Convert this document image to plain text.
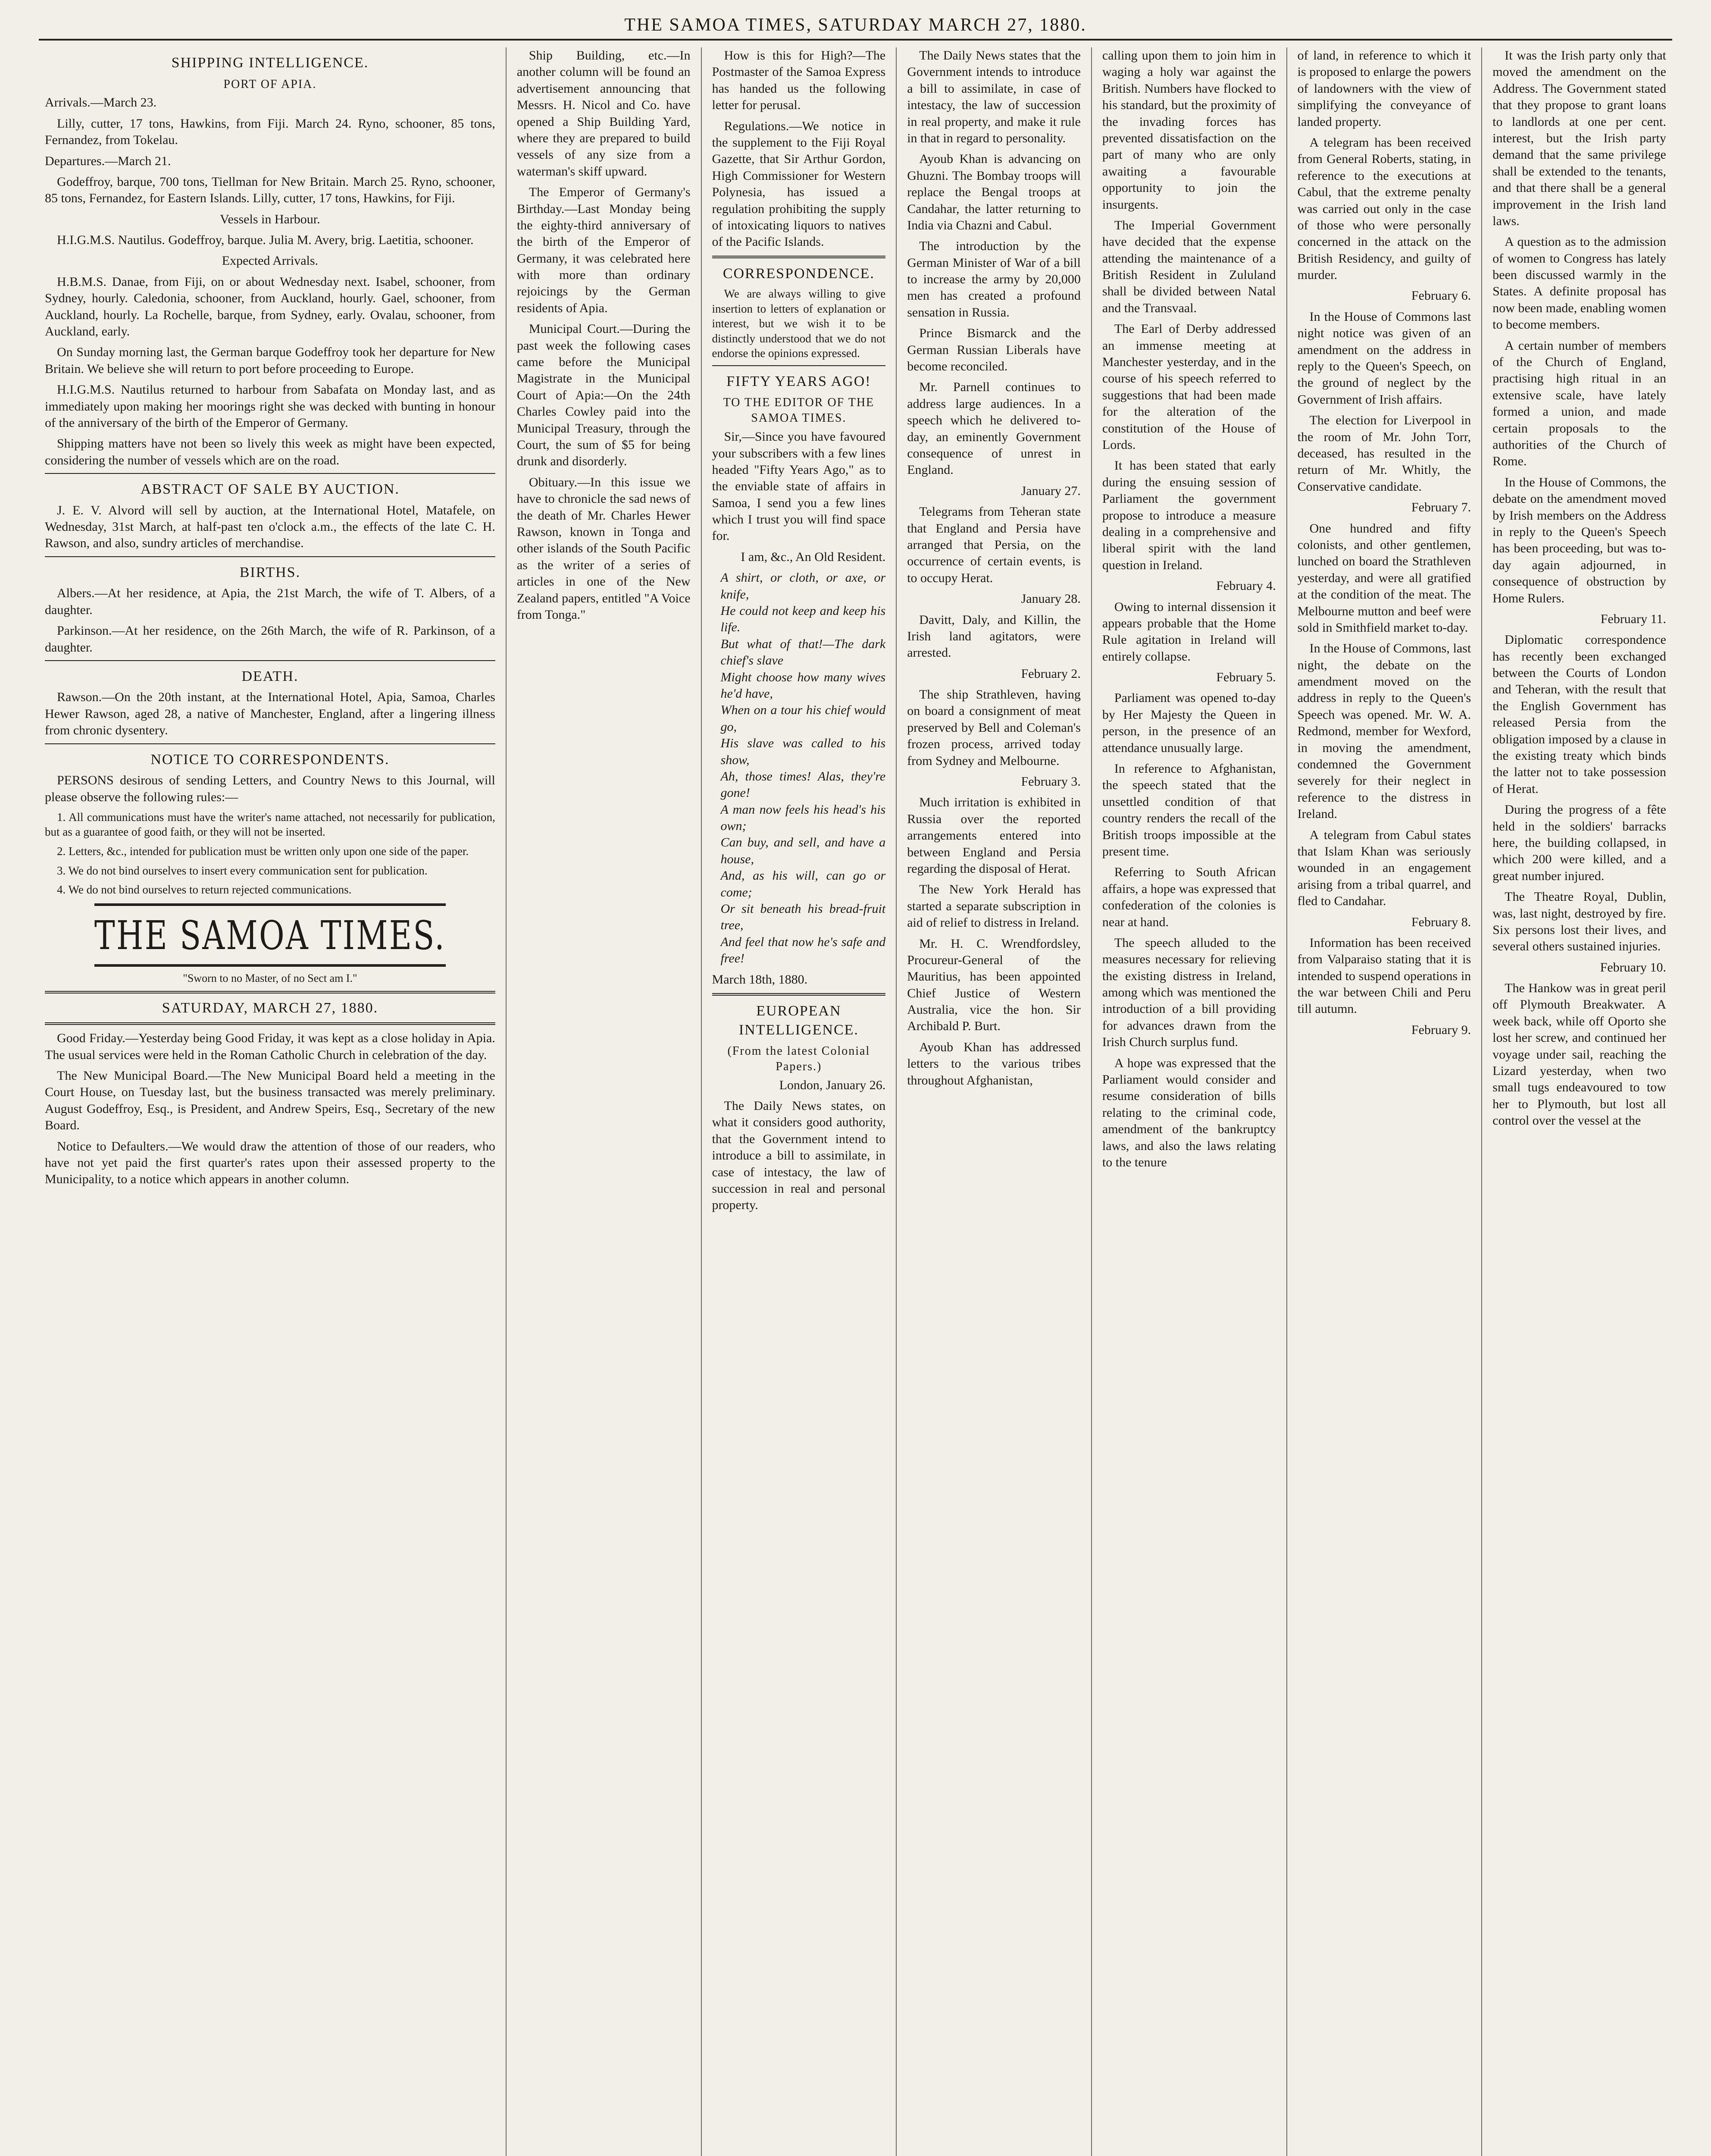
THE SAMOA TIMES, SATURDAY MARCH 27, 1880.
SHIPPING INTELLIGENCE.
PORT OF APIA.

Arrivals.—March 23.

Lilly, cutter, 17 tons, Hawkins, from Fiji. March 24. Ryno, schooner, 85 tons, Fernandez, from Tokelau.

Departures.—March 21.

Godeffroy, barque, 700 tons, Tiellman for New Britain. March 25. Ryno, schooner, 85 tons, Fernandez, for Eastern Islands. Lilly, cutter, 17 tons, Hawkins, for Fiji.

Vessels in Harbour.

H.I.G.M.S. Nautilus. Godeffroy, barque. Julia M. Avery, brig. Laetitia, schooner.

Expected Arrivals.

H.B.M.S. Danae, from Fiji, on or about Wednesday next. Isabel, schooner, from Sydney, hourly. Caledonia, schooner, from Auckland, hourly. Gael, schooner, from Auckland, hourly. La Rochelle, barque, from Sydney, early. Ovalau, schooner, from Auckland, early.

On Sunday morning last, the German barque Godeffroy took her departure for New Britain. We believe she will return to port before proceeding to Europe.

H.I.G.M.S. Nautilus returned to harbour from Sabafata on Monday last, and as immediately upon making her moorings right she was decked with bunting in honour of the anniversary of the birth of the Emperor of Germany.

Shipping matters have not been so lively this week as might have been expected, considering the number of vessels which are on the road.

ABSTRACT OF SALE BY AUCTION.

J. E. V. Alvord will sell by auction, at the International Hotel, Matafele, on Wednesday, 31st March, at half-past ten o'clock a.m., the effects of the late C. H. Rawson, and also, sundry articles of merchandise.

BIRTHS.

Albers.—At her residence, at Apia, the 21st March, the wife of T. Albers, of a daughter.

Parkinson.—At her residence, on the 26th March, the wife of R. Parkinson, of a daughter.

DEATH.

Rawson.—On the 20th instant, at the International Hotel, Apia, Samoa, Charles Hewer Rawson, aged 28, a native of Manchester, England, after a lingering illness from chronic dysentery.

NOTICE TO CORRESPONDENTS.

PERSONS desirous of sending Letters, and Country News to this Journal, will please observe the following rules:—

1. All communications must have the writer's name attached, not necessarily for publication, but as a guarantee of good faith, or they will not be inserted.

2. Letters, &c., intended for publication must be written only upon one side of the paper.

3. We do not bind ourselves to insert every communication sent for publication.

4. We do not bind ourselves to return rejected communications.

THE SAMOA TIMES.
"Sworn to no Master, of no Sect am I."
SATURDAY, MARCH 27, 1880.

Good Friday.—Yesterday being Good Friday, it was kept as a close holiday in Apia. The usual services were held in the Roman Catholic Church in celebration of the day.

The New Municipal Board.—The New Municipal Board held a meeting in the Court House, on Tuesday last, but the business transacted was merely preliminary. August Godeffroy, Esq., is President, and Andrew Speirs, Esq., Secretary of the new Board.

Notice to Defaulters.—We would draw the attention of those of our readers, who have not yet paid the first quarter's rates upon their assessed property to the Municipality, to a notice which appears in another column.

Ship Building, etc.—In another column will be found an advertisement announcing that Messrs. H. Nicol and Co. have opened a Ship Building Yard, where they are prepared to build vessels of any size from a waterman's skiff upward.

The Emperor of Germany's Birthday.—Last Monday being the eighty-third anniversary of the birth of the Emperor of Germany, it was celebrated here with more than ordinary rejoicings by the German residents of Apia.

Municipal Court.—During the past week the following cases came before the Municipal Magistrate in the Municipal Court of Apia:—On the 24th Charles Cowley paid into the Municipal Treasury, through the Court, the sum of $5 for being drunk and disorderly.

Obituary.—In this issue we have to chronicle the sad news of the death of Mr. Charles Hewer Rawson, known in Tonga and other islands of the South Pacific as the writer of a series of articles in one of the New Zealand papers, entitled "A Voice from Tonga."

How is this for High?—The Postmaster of the Samoa Express has handed us the following letter for perusal.

Regulations.—We notice in the supplement to the Fiji Royal Gazette, that Sir Arthur Gordon, High Commissioner for Western Polynesia, has issued a regulation prohibiting the supply of intoxicating liquors to natives of the Pacific Islands.

CORRESPONDENCE.

We are always willing to give insertion to letters of explanation or interest, but we wish it to be distinctly understood that we do not endorse the opinions expressed.

FIFTY YEARS AGO!
TO THE EDITOR OF THE SAMOA TIMES.

Sir,—Since you have favoured your subscribers with a few lines headed "Fifty Years Ago," as to the enviable state of affairs in Samoa, I send you a few lines which I trust you will find space for.

I am, &c., An Old Resident.

A shirt, or cloth, or axe, or knife,
He could not keep and keep his life.
But what of that!—The dark chief's slave
Might choose how many wives he'd have,
When on a tour his chief would go,
His slave was called to his show,
Ah, those times! Alas, they're gone!
A man now feels his head's his own;
Can buy, and sell, and have a house,
And, as his will, can go or come;
Or sit beneath his bread-fruit tree,
And feel that now he's safe and free!

March 18th, 1880.

EUROPEAN INTELLIGENCE.
(From the latest Colonial Papers.)

London, January 26.

The Daily News states, on what it considers good authority, that the Government intend to introduce a bill to assimilate, in case of intestacy, the law of succession in real and personal property.

The Daily News states that the Government intends to introduce a bill to assimilate, in case of intestacy, the law of succession in real property, and make it rule in that in regard to personality.

Ayoub Khan is advancing on Ghuzni. The Bombay troops will replace the Bengal troops at Candahar, the latter returning to India via Chazni and Cabul.

The introduction by the German Minister of War of a bill to increase the army by 20,000 men has created a profound sensation in Russia.

Prince Bismarck and the German Russian Liberals have become reconciled.

Mr. Parnell continues to address large audiences. In a speech which he delivered to-day, an eminently Government consequence of unrest in England.

January 27.

Telegrams from Teheran state that England and Persia have arranged that Persia, on the occurrence of certain events, is to occupy Herat.

January 28.

Davitt, Daly, and Killin, the Irish land agitators, were arrested.

February 2.

The ship Strathleven, having on board a consignment of meat preserved by Bell and Coleman's frozen process, arrived today from Sydney and Melbourne.

February 3.

Much irritation is exhibited in Russia over the reported arrangements entered into between England and Persia regarding the disposal of Herat.

The New York Herald has started a separate subscription in aid of relief to distress in Ireland.

Mr. H. C. Wrendfordsley, Procureur-General of the Mauritius, has been appointed Chief Justice of Western Australia, vice the hon. Sir Archibald P. Burt.

Ayoub Khan has addressed letters to the various tribes throughout Afghanistan,

calling upon them to join him in waging a holy war against the British. Numbers have flocked to his standard, but the proximity of the invading forces has prevented dissatisfaction on the part of many who are only awaiting a favourable opportunity to join the insurgents.

The Imperial Government have decided that the expense attending the maintenance of a British Resident in Zululand shall be divided between Natal and the Transvaal.

The Earl of Derby addressed an immense meeting at Manchester yesterday, and in the course of his speech referred to suggestions that had been made for the alteration of the constitution of the House of Lords.

It has been stated that early during the ensuing session of Parliament the government propose to introduce a measure dealing in a comprehensive and liberal spirit with the land question in Ireland.

February 4.

Owing to internal dissension it appears probable that the Home Rule agitation in Ireland will entirely collapse.

February 5.

Parliament was opened to-day by Her Majesty the Queen in person, in the presence of an attendance unusually large.

In reference to Afghanistan, the speech stated that the unsettled condition of that country renders the recall of the British troops impossible at the present time.

Referring to South African affairs, a hope was expressed that confederation of the colonies is near at hand.

The speech alluded to the measures necessary for relieving the existing distress in Ireland, among which was mentioned the introduction of a bill providing for advances drawn from the Irish Church surplus fund.

A hope was expressed that the Parliament would consider and resume consideration of bills relating to the criminal code, amendment of the bankruptcy laws, and also the laws relating to the tenure

of land, in reference to which it is proposed to enlarge the powers of landowners with the view of simplifying the conveyance of landed property.

A telegram has been received from General Roberts, stating, in reference to the executions at Cabul, that the extreme penalty was carried out only in the case of those who were personally concerned in the attack on the British Residency, and guilty of murder.

February 6.

In the House of Commons last night notice was given of an amendment on the address in reply to the Queen's Speech, on the ground of neglect by the Government of Irish affairs.

The election for Liverpool in the room of Mr. John Torr, deceased, has resulted in the return of Mr. Whitly, the Conservative candidate.

February 7.

One hundred and fifty colonists, and other gentlemen, lunched on board the Strathleven yesterday, and were all gratified at the condition of the meat. The Melbourne mutton and beef were sold in Smithfield market to-day.

In the House of Commons, last night, the debate on the amendment moved on the address in reply to the Queen's Speech was opened. Mr. W. A. Redmond, member for Wexford, in moving the amendment, condemned the Government severely for their neglect in reference to the distress in Ireland.

A telegram from Cabul states that Islam Khan was seriously wounded in an engagement arising from a tribal quarrel, and fled to Candahar.

February 8.

Information has been received from Valparaiso stating that it is intended to suspend operations in the war between Chili and Peru till autumn.

February 9.

It was the Irish party only that moved the amendment on the Address. The Government stated that they propose to grant loans to landlords at one per cent. interest, but the Irish party demand that the same privilege shall be extended to the tenants, and that there shall be a general improvement in the Irish land laws.

A question as to the admission of women to Congress has lately been discussed warmly in the States. A definite proposal has now been made, enabling women to become members.

A certain number of members of the Church of England, practising high ritual in an extensive scale, have lately formed a union, and made certain proposals to the authorities of the Church of Rome.

In the House of Commons, the debate on the amendment moved by Irish members on the Address in reply to the Queen's Speech has been proceeding, but was to-day again adjourned, in consequence of obstruction by Home Rulers.

February 11.

Diplomatic correspondence has recently been exchanged between the Courts of London and Teheran, with the result that the English Government has released Persia from the obligation imposed by a clause in the existing treaty which binds the latter not to take possession of Herat.

During the progress of a fête held in the soldiers' barracks here, the building collapsed, in which 200 were killed, and a great number injured.

The Theatre Royal, Dublin, was, last night, destroyed by fire. Six persons lost their lives, and several others sustained injuries.

February 10.

The Hankow was in great peril off Plymouth Breakwater. A week back, while off Oporto she lost her screw, and continued her voyage under sail, reaching the Lizard yesterday, when two small tugs endeavoured to tow her to Plymouth, but lost all control over the vessel at the
